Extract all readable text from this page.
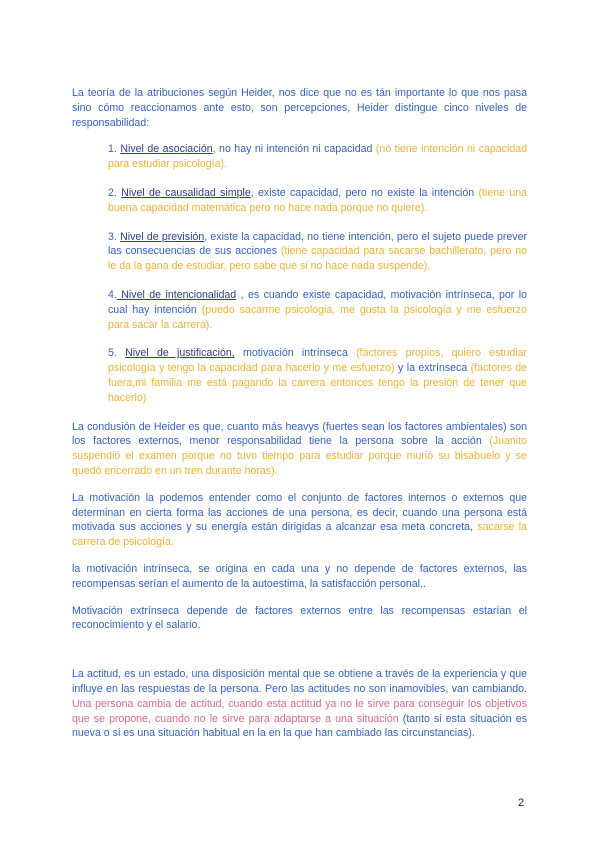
La teoría de la atribuciones según Heider, nos dice que no es tán importante lo que nos pasa sino cómo reaccionamos ante esto, son percepciones, Heider distingue cinco niveles de responsabilidad:

1. Nivel de asociación, no hay ni intención ni capacidad (no tiene intención ni capacidad para estudiar psicología).

2. Nivel de causalidad simple, existe capacidad, pero no existe la intención (tiene una buena capacidad matemática pero no hace nada porque no quiere).

3. Nivel de previsión, existe la capacidad, no tiene intención, pero el sujeto puede prever las consecuencias de sus acciones (tiene capacidad para sacarse bachillerato, pero no le da la gana de estudiar, pero sabe que si no hace nada suspende).

4. Nivel de intencionalidad , es cuando existe capacidad, motivación intrínseca, por lo cual hay intención (puedo sacarme psicologia, me gusta la psicología y me esfuerzo para sacar la carrera).

5. Nivel de justificación, motivación intrínseca (factores propios, quiero estudiar psicología y tengo la capacidad para hacerlo y me esfuerzo) y la extrínseca (factores de fuera,mi familia me está pagando la carrera entonces tengo la presión de tener que hacerlo)

La condusión de Heider es que, cuanto más heavys (fuertes sean los factores ambientales) son los factores externos, menor responsabilidad tiene la persona sobre la acción (Juanito suspendió el examen porque no tuvo tiempo para estudiar porque murió su bisabuelo y se quedó encerrado en un tren durante horas).

La motivación la podemos entender como el conjunto de factores internos o externos que determinan en cierta forma las acciones de una persona, es decir, cuando una persona está motivada sus acciones y su energía están dirigidas a alcanzar esa meta concreta, sacarse la carrera de psicología.

la motivación intrínseca, se origina en cada una y no depende de factores externos, las recompensas serían el aumento de la autoestima, la satisfacción personal..

Motivación extrínseca depende de factores externos entre las recompensas estarían el reconocimiento y el salario.

La actitud, es un estado, una disposición mental que se obtiene a través de la experiencia y que influye en las respuestas de la persona. Pero las actitudes no son inamovibles, van cambiando. Una persona cambia de actitud, cuando esta actitud ya no le sirve para conseguir los objetivos que se propone, cuando no le sirve para adaptarse a una situación (tanto si esta situación es nueva o si es una situación habitual en la en la que han cambiado las circunstancias).

2
